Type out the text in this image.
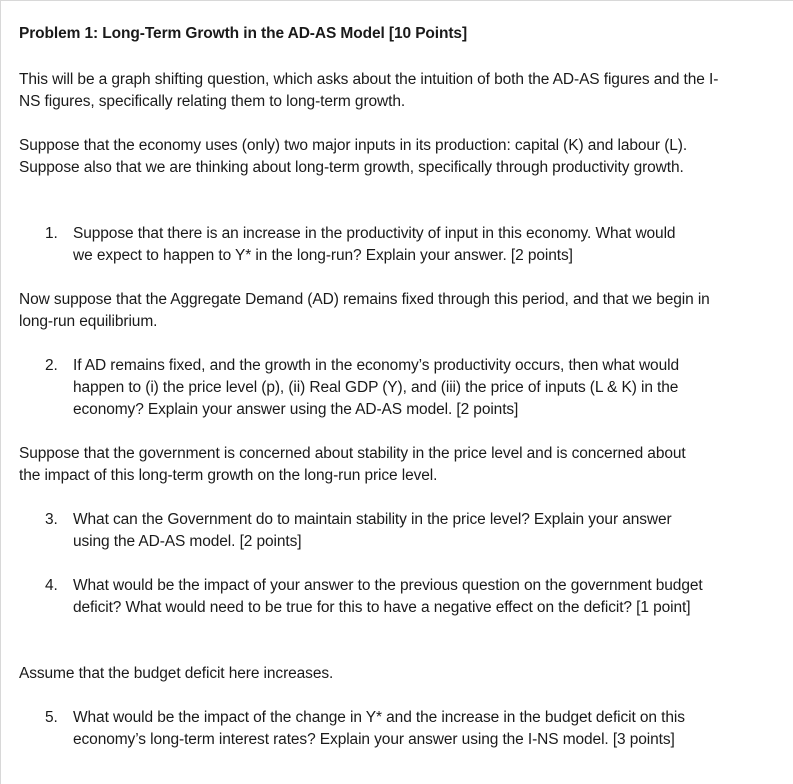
Problem 1: Long-Term Growth in the AD-AS Model [10 Points]

This will be a graph shifting question, which asks about the intuition of both the AD-AS figures and the I-NS figures, specifically relating them to long-term growth.

Suppose that the economy uses (only) two major inputs in its production: capital (K) and labour (L). Suppose also that we are thinking about long-term growth, specifically through productivity growth.

1. Suppose that there is an increase in the productivity of input in this economy. What would we expect to happen to Y* in the long-run? Explain your answer. [2 points]

Now suppose that the Aggregate Demand (AD) remains fixed through this period, and that we begin in long-run equilibrium.

2. If AD remains fixed, and the growth in the economy’s productivity occurs, then what would happen to (i) the price level (p), (ii) Real GDP (Y), and (iii) the price of inputs (L & K) in the economy? Explain your answer using the AD-AS model. [2 points]

Suppose that the government is concerned about stability in the price level and is concerned about the impact of this long-term growth on the long-run price level.

3. What can the Government do to maintain stability in the price level? Explain your answer using the AD-AS model. [2 points]
4. What would be the impact of your answer to the previous question on the government budget deficit? What would need to be true for this to have a negative effect on the deficit? [1 point]

Assume that the budget deficit here increases.

5. What would be the impact of the change in Y* and the increase in the budget deficit on this economy’s long-term interest rates? Explain your answer using the I-NS model. [3 points]
